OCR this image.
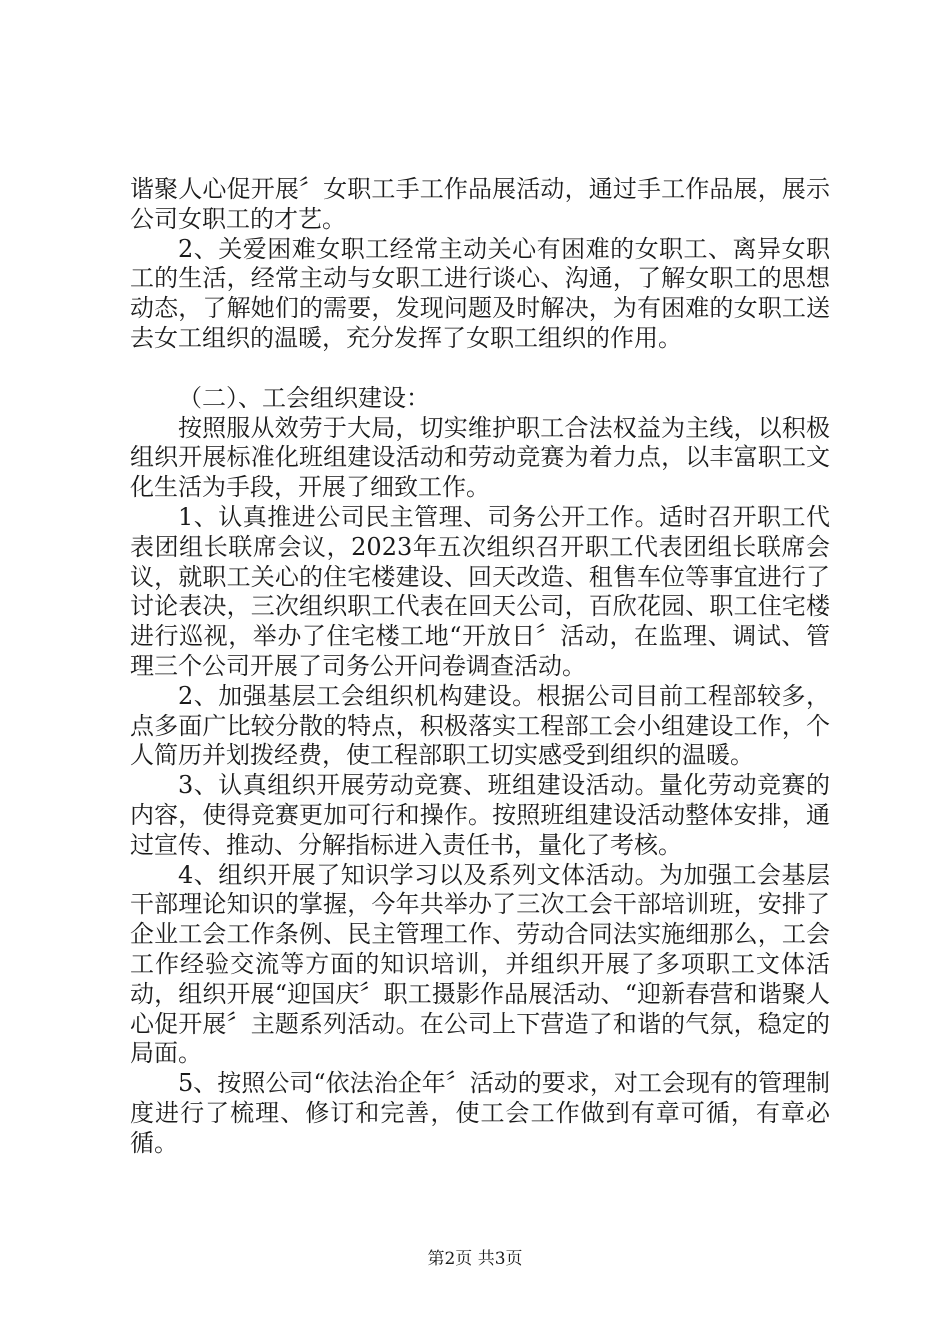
谐聚人心促开展〞女职工手工作品展活动，通过手工作品展，展示公司女职工的才艺。

2、关爱困难女职工经常主动关心有困难的女职工、离异女职工的生活，经常主动与女职工进行谈心、沟通，了解女职工的思想动态，了解她们的需要，发现问题及时解决，为有困难的女职工送去女工组织的温暖，充分发挥了女职工组织的作用。

（二）、工会组织建设：

按照服从效劳于大局，切实维护职工合法权益为主线，以积极组织开展标准化班组建设活动和劳动竞赛为着力点，以丰富职工文化生活为手段，开展了细致工作。

1、认真推进公司民主管理、司务公开工作。适时召开职工代表团组长联席会议，2023年五次组织召开职工代表团组长联席会议，就职工关心的住宅楼建设、回天改造、租售车位等事宜进行了讨论表决，三次组织职工代表在回天公司，百欣花园、职工住宅楼进行巡视，举办了住宅楼工地“开放日〞活动，在监理、调试、管理三个公司开展了司务公开问卷调查活动。

2、加强基层工会组织机构建设。根据公司目前工程部较多，点多面广比较分散的特点，积极落实工程部工会小组建设工作，个人简历并划拨经费，使工程部职工切实感受到组织的温暖。

3、认真组织开展劳动竞赛、班组建设活动。量化劳动竞赛的内容，使得竞赛更加可行和操作。按照班组建设活动整体安排，通过宣传、推动、分解指标进入责任书，量化了考核。

4、组织开展了知识学习以及系列文体活动。为加强工会基层干部理论知识的掌握，今年共举办了三次工会干部培训班，安排了企业工会工作条例、民主管理工作、劳动合同法实施细那么，工会工作经验交流等方面的知识培训，并组织开展了多项职工文体活动，组织开展“迎国庆〞职工摄影作品展活动、“迎新春营和谐聚人心促开展〞主题系列活动。在公司上下营造了和谐的气氛，稳定的局面。

5、按照公司“依法治企年〞活动的要求，对工会现有的管理制度进行了梳理、修订和完善，使工会工作做到有章可循，有章必循。

第2页 共3页
